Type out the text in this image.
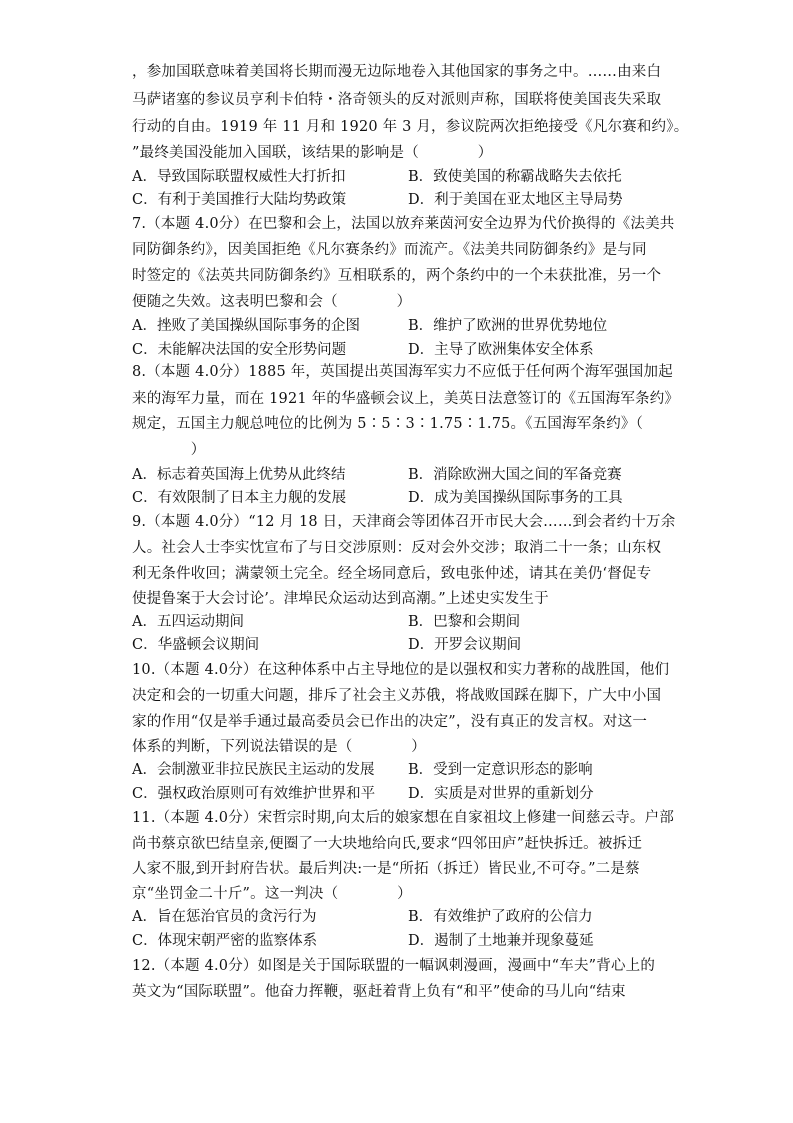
，参加国联意味着美国将长期而漫无边际地卷入其他国家的事务之中。……由来白
马萨诸塞的参议员亨利卡伯特・洛奇领头的反对派则声称，国联将使美国丧失采取
行动的自由。1919 年 11 月和 1920 年 3 月，参议院两次拒绝接受《凡尔赛和约》。
”最终美国没能加入国联，该结果的影响是（　　　　）
A．导致国际联盟权威性大打折扣	B．致使美国的称霸战略失去依托
C．有利于美国推行大陆均势政策	D．利于美国在亚太地区主导局势
7.（本题 4.0分）在巴黎和会上，法国以放弃莱茵河安全边界为代价换得的《法美共
同防御条约》，因美国拒绝《凡尔赛条约》而流产。《法美共同防御条约》是与同
时签定的《法英共同防御条约》互相联系的，两个条约中的一个未获批准，另一个
便随之失效。这表明巴黎和会（　　　　）
A．挫败了美国操纵国际事务的企图	B．维护了欧洲的世界优势地位
C．未能解决法国的安全形势问题	D．主导了欧洲集体安全体系
8.（本题 4.0分）1885 年，英国提出英国海军实力不应低于任何两个海军强国加起
来的海军力量，而在 1921 年的华盛顿会议上，美英日法意签订的《五国海军条约》
规定，五国主力舰总吨位的比例为 5∶5∶3∶1.75∶1.75。《五国海军条约》（
　　　　）
A．标志着英国海上优势从此终结	B．消除欧洲大国之间的军备竞赛
C．有效限制了日本主力舰的发展	D．成为美国操纵国际事务的工具
9.（本题 4.0分）“12 月 18 日，天津商会等团体召开市民大会……到会者约十万余
人。社会人士李实忱宣布了与日交涉原则：反对会外交涉；取消二十一条；山东权
利无条件收回；满蒙领土完全。经全场同意后，致电张仲述，请其在美仍‘督促专
使提鲁案于大会讨论’。津埠民众运动达到高潮。”上述史实发生于
A．五四运动期间	B．巴黎和会期间
C．华盛顿会议期间	D．开罗会议期间
10.（本题 4.0分）在这种体系中占主导地位的是以强权和实力著称的战胜国，他们
决定和会的一切重大问题，排斥了社会主义苏俄，将战败国踩在脚下，广大中小国
家的作用“仅是举手通过最高委员会已作出的决定”，没有真正的发言权。对这一
体系的判断，下列说法错误的是（　　　　）
A．会制激亚非拉民族民主运动的发展 B．受到一定意识形态的影响
C．强权政治原则可有效维护世界和平 D．实质是对世界的重新划分
11.（本题 4.0分）宋哲宗时期,向太后的娘家想在自家祖坟上修建一间慈云寺。户部
尚书蔡京欲巴结皇亲,便圈了一大块地给向氏,要求“四邻田庐”赶快拆迁。被拆迁
人家不服,到开封府告状。最后判决:一是“所拓（拆迁）皆民业,不可夺。”二是蔡
京“坐罚金二十斤”。这一判决（　　　　）
A．旨在惩治官员的贪污行为	B．有效维护了政府的公信力
C．体现宋朝严密的监察体系	D．遏制了土地兼并现象蔓延
12.（本题 4.0分）如图是关于国际联盟的一幅讽刺漫画，漫画中“车夫”背心上的
英文为“国际联盟”。他奋力挥鞭，驱赶着背上负有“和平”使命的马儿向“结束
